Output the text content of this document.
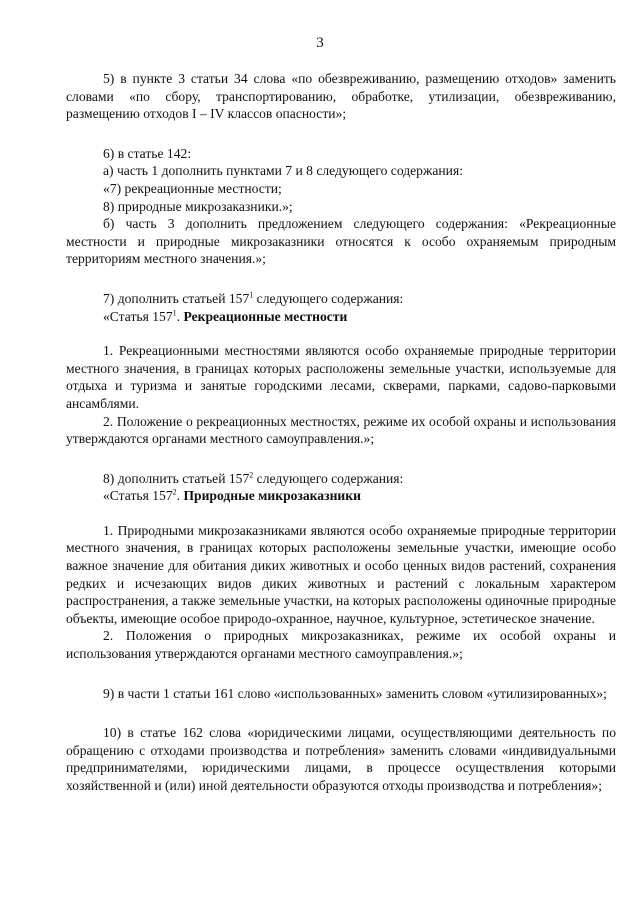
3

5) в пункте 3 статьи 34 слова «по обезвреживанию, размещению отходов» заменить словами «по сбору, транспортированию, обработке, утилизации, обезвреживанию, размещению отходов I – IV классов опасности»;

6) в статье 142:

а) часть 1 дополнить пунктами 7 и 8 следующего содержания:

«7) рекреационные местности;

8) природные микрозаказники.»;

б) часть 3 дополнить предложением следующего содержания: «Рекреационные местности и природные микрозаказники относятся к особо охраняемым природным территориям местного значения.»;

7) дополнить статьей $157^1$ следующего содержания:

«Статья $157^1$. Рекреационные местности

1. Рекреационными местностями являются особо охраняемые природные территории местного значения, в границах которых расположены земельные участки, используемые для отдыха и туризма и занятые городскими лесами, скверами, парками, садово-парковыми ансамблями.

2. Положение о рекреационных местностях, режиме их особой охраны и использования утверждаются органами местного самоуправления.»;

8) дополнить статьей $157^2$ следующего содержания:

«Статья $157^2$. Природные микрозаказники

1. Природными микрозаказниками являются особо охраняемые природные территории местного значения, в границах которых расположены земельные участки, имеющие особо важное значение для обитания диких животных и особо ценных видов растений, сохранения редких и исчезающих видов диких животных и растений с локальным характером распространения, а также земельные участки, на которых расположены одиночные природные объекты, имеющие особое природо-охранное, научное, культурное, эстетическое значение.

2. Положения о природных микрозаказниках, режиме их особой охраны и использования утверждаются органами местного самоуправления.»;

9) в части 1 статьи 161 слово «использованных» заменить словом «утилизированных»;

10) в статье 162 слова «юридическими лицами, осуществляющими деятельность по обращению с отходами производства и потребления» заменить словами «индивидуальными предпринимателями, юридическими лицами, в процессе осуществления которыми хозяйственной и (или) иной деятельности образуются отходы производства и потребления»;
